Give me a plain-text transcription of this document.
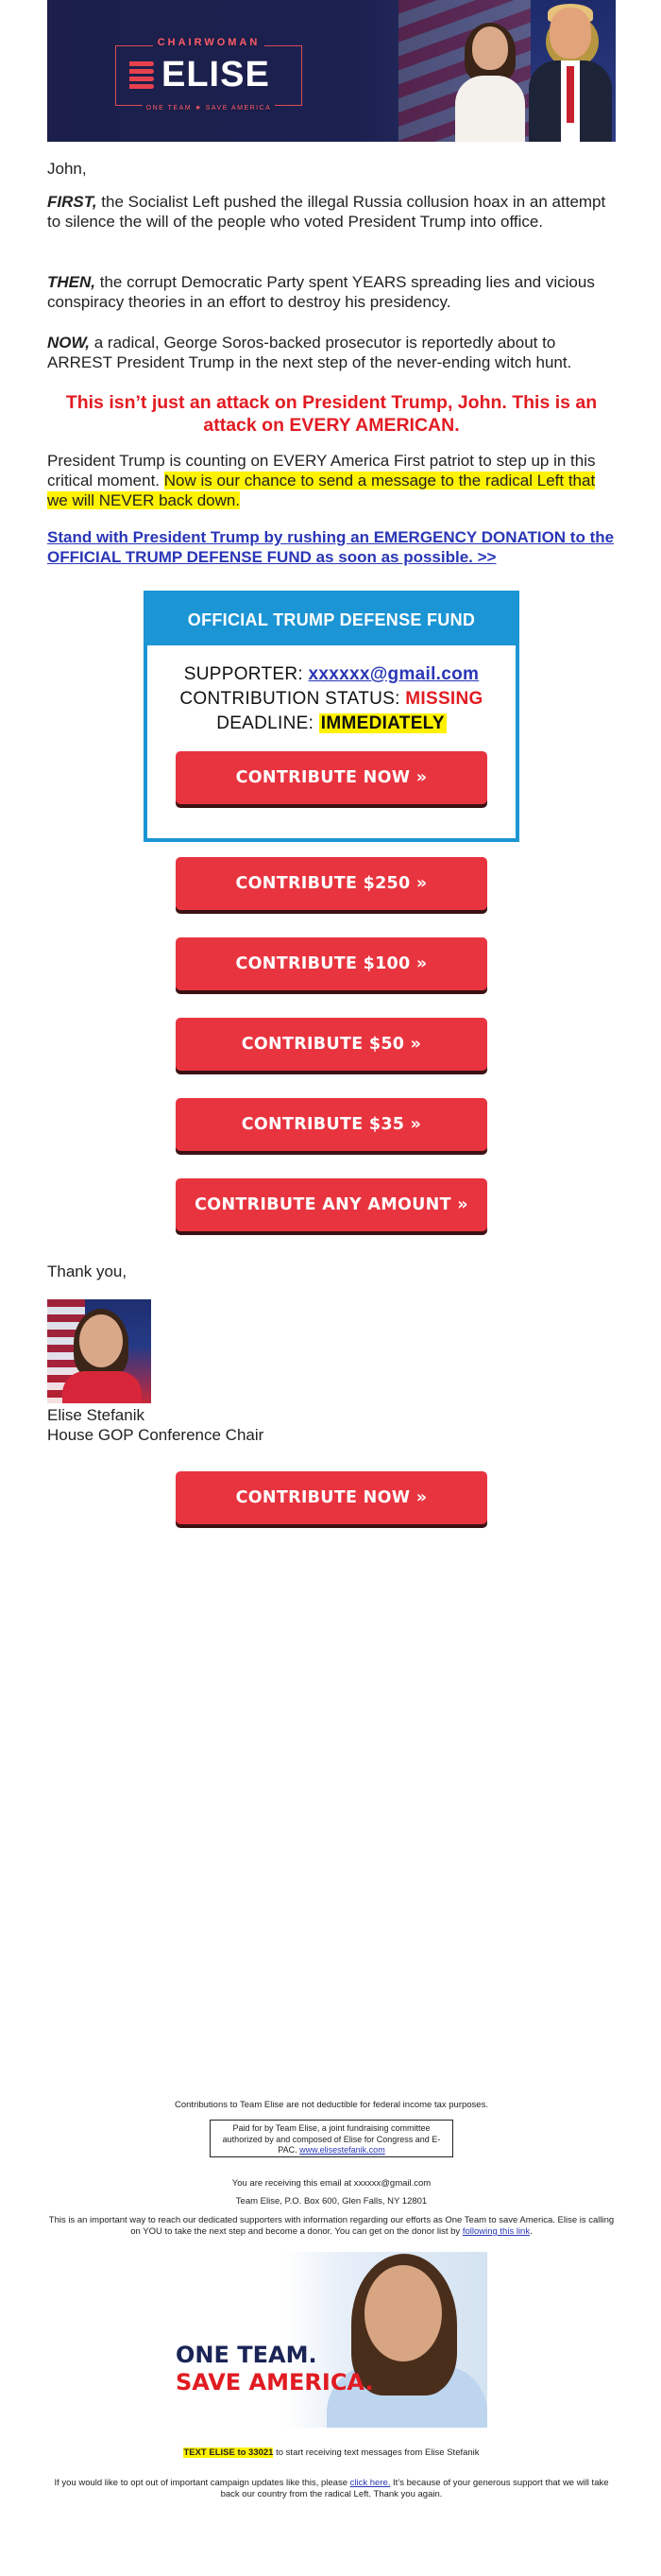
CHAIRWOMAN
ELISE
ONE TEAM ★ SAVE AMERICA
John,
FIRST, the Socialist Left pushed the illegal Russia collusion hoax in an attempt to silence the will of the people who voted President Trump into office.
THEN, the corrupt Democratic Party spent YEARS spreading lies and vicious conspiracy theories in an effort to destroy his presidency.
NOW, a radical, George Soros-backed prosecutor is reportedly about to ARREST President Trump in the next step of the never-ending witch hunt.
This isn’t just an attack on President Trump, John. This is an attack on EVERY AMERICAN.
President Trump is counting on EVERY America First patriot to step up in this critical moment. Now is our chance to send a message to the radical Left that we will NEVER back down.
Stand with President Trump by rushing an EMERGENCY DONATION to the OFFICIAL TRUMP DEFENSE FUND as soon as possible. >>
OFFICIAL TRUMP DEFENSE FUND
SUPPORTER: xxxxxx@gmail.com
CONTRIBUTION STATUS: MISSING
DEADLINE: IMMEDIATELY
CONTRIBUTE NOW »
CONTRIBUTE $250 »
CONTRIBUTE $100 »
CONTRIBUTE $50 »
CONTRIBUTE $35 »
CONTRIBUTE ANY AMOUNT »
Thank you,
Elise Stefanik
House GOP Conference Chair
CONTRIBUTE NOW »
Contributions to Team Elise are not deductible for federal income tax purposes.
Paid for by Team Elise, a joint fundraising committee authorized by and composed of Elise for Congress and E-PAC. www.elisestefanik.com
You are receiving this email at xxxxxx@gmail.com
Team Elise, P.O. Box 600, Glen Falls, NY 12801
This is an important way to reach our dedicated supporters with information regarding our efforts as One Team to save America. Elise is calling on YOU to take the next step and become a donor. You can get on the donor list by following this link.
ONE TEAM.
SAVE AMERICA.
TEXT ELISE to 33021 to start receiving text messages from Elise Stefanik
If you would like to opt out of important campaign updates like this, please click here. It’s because of your generous support that we will take back our country from the radical Left. Thank you again.
